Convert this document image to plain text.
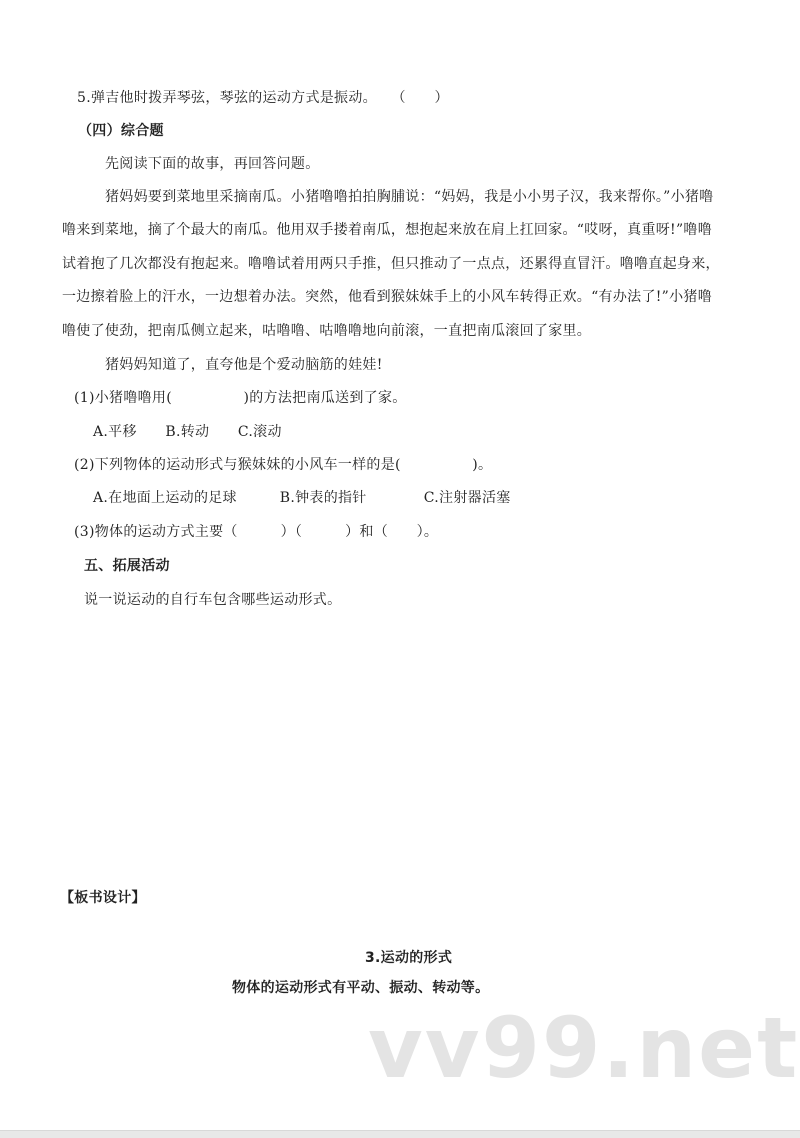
5.弹吉他时拨弄琴弦，琴弦的运动方式是振动。　　（　　）
（四）综合题
先阅读下面的故事，再回答问题。
猪妈妈要到菜地里采摘南瓜。小猪噜噜拍拍胸脯说：“妈妈，我是小小男子汉，我来帮你。”小猪噜
噜来到菜地，摘了个最大的南瓜。他用双手搂着南瓜，想抱起来放在肩上扛回家。“哎呀，真重呀!”噜噜
试着抱了几次都没有抱起来。噜噜试着用两只手推，但只推动了一点点，还累得直冒汗。噜噜直起身来，
一边擦着脸上的汗水，一边想着办法。突然，他看到猴妹妹手上的小风车转得正欢。“有办法了!”小猪噜
噜使了使劲，把南瓜侧立起来，咕噜噜、咕噜噜地向前滚，一直把南瓜滚回了家里。
猪妈妈知道了，直夸他是个爱动脑筋的娃娃!
(1)小猪噜噜用(　　　　　)的方法把南瓜送到了家。
A.平移　　B.转动　　C.滚动
(2)下列物体的运动形式与猴妹妹的小风车一样的是(　　　　　)。
A.在地面上运动的足球　　　B.钟表的指针　　　　C.注射器活塞
(3)物体的运动方式主要（　　　）（　　　）和（　　）。
五、拓展活动
说一说运动的自行车包含哪些运动形式。
【板书设计】
3.运动的形式
物体的运动形式有平动、振动、转动等。
vv99.net
